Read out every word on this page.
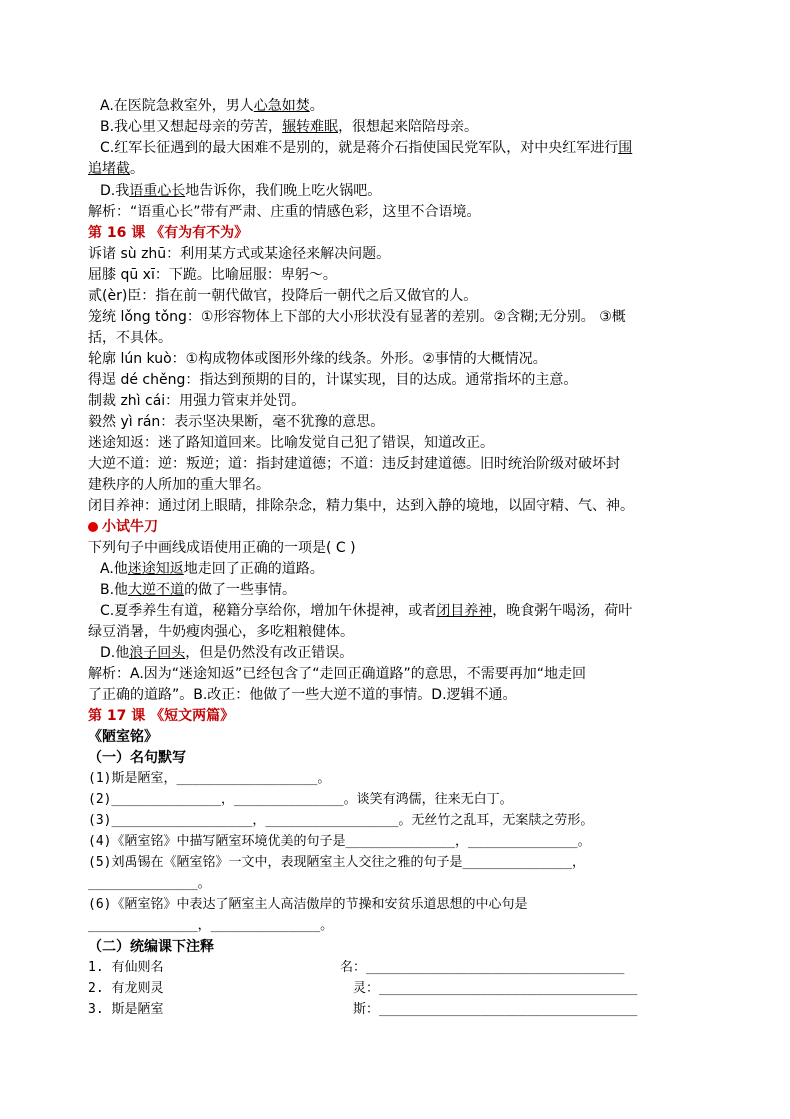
A.在医院急救室外，男人心急如焚。
B.我心里又想起母亲的劳苦，辗转难眠，很想起来陪陪母亲。
C.红军长征遇到的最大困难不是别的，就是蒋介石指使国民党军队，对中央红军进行围
追堵截。
D.我语重心长地告诉你，我们晚上吃火锅吧。
解析：“语重心长”带有严肃、庄重的情感色彩，这里不合语境。
第 16 课 《有为有不为》
诉诸 sù zhū：利用某方式或某途径来解决问题。
屈膝 qū xī：下跪。比喻屈服：卑躬～。
贰(èr)臣：指在前一朝代做官，投降后一朝代之后又做官的人。
笼统 lǒng tǒng：①形容物体上下部的大小形状没有显著的差别。②含糊;无分别。 ③概
括，不具体。
轮廓 lún kuò：①构成物体或图形外缘的线条。外形。②事情的大概情况。
得逞 dé chěng：指达到预期的目的，计谋实现，目的达成。通常指坏的主意。
制裁 zhì cái：用强力管束并处罚。
毅然 yì rán：表示坚决果断，毫不犹豫的意思。
迷途知返：迷了路知道回来。比喻发觉自己犯了错误，知道改正。
大逆不道：逆：叛逆；道：指封建道德；不道：违反封建道德。旧时统治阶级对破坏封
建秩序的人所加的重大罪名。
闭目养神：通过闭上眼睛，排除杂念，精力集中，达到入静的境地，以固守精、气、神。
小试牛刀
下列句子中画线成语使用正确的一项是( C )
A.他迷途知返地走回了正确的道路。
B.他大逆不道的做了一些事情。
C.夏季养生有道，秘籍分享给你，增加午休提神，或者闭目养神，晚食粥午喝汤，荷叶
绿豆消暑，牛奶瘦肉强心，多吃粗粮健体。
D.他浪子回头，但是仍然没有改正错误。
解析：A.因为“迷途知返”已经包含了“走回正确道路”的意思，不需要再加“地走回
了正确的道路”。B.改正：他做了一些大逆不道的事情。D.逻辑不通。
第 17 课 《短文两篇》
《陋室铭》
（一）名句默写
(1)斯是陋室，__________________。
(2)______________，______________。谈笑有鸿儒，往来无白丁。
(3)__________________，_________________。无丝竹之乱耳，无案牍之劳形。
(4)《陋室铭》中描写陋室环境优美的句子是______________，______________。
(5)刘禹锡在《陋室铭》一文中，表现陋室主人交往之雅的句子是______________，
______________。
(6)《陋室铭》中表达了陋室主人高洁傲岸的节操和安贫乐道思想的中心句是
______________，______________。
（二）统编课下注释
1. 有仙则名	名：_________________________________
2. 有龙则灵	灵：_________________________________
3. 斯是陋室	斯：_________________________________
